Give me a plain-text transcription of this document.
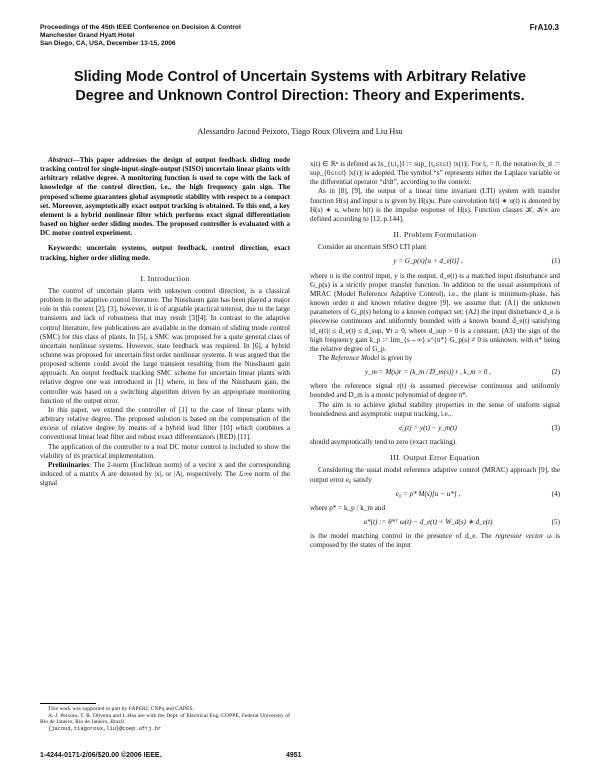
Proceedings of the 45th IEEE Conference on Decision & Control
Manchester Grand Hyatt Hotel
San Diego, CA, USA, December 13-15, 2006
FrA10.3
Sliding Mode Control of Uncertain Systems with Arbitrary Relative
Degree and Unknown Control Direction: Theory and Experiments.
Alessandro Jacoud Peixoto, Tiago Roux Oliveira and Liu Hsu

Abstract—This paper addresses the design of output feedback sliding mode tracking control for single-input-single-output (SISO) uncertain linear plants with arbitrary relative degree. A monitoring function is used to cope with the lack of knowledge of the control direction, i.e., the high frequency gain sign. The proposed scheme guarantees global asymptotic stability with respect to a compact set. Moreover, asymptotically exact output tracking is obtained. To this end, a key element is a hybrid nonlinear filter which performs exact signal differentiation based on higher order sliding modes. The proposed controller is evaluated with a DC motor control experiment.

Keywords: uncertain systems, output feedback, control direction, exact tracking, higher order sliding mode.

I. Introduction

The control of uncertain plants with unknown control direction, is a classical problem in the adaptive control literature. The Nussbaum gain has been played a major role in this context [2], [3], however, it is of arguable practical interest, due to the large transients and lack of robustness that may result [3][4]. In contrast to the adaptive control literature, few publications are available in the domain of sliding mode control (SMC) for this class of plants. In [5], a SMC was proposed for a quite general class of uncertain nonlinear systems. However, state feedback was required. In [6], a hybrid scheme was proposed for uncertain first order nonlinear systems. It was argued that the proposed scheme could avoid the large transient resulting from the Nussbaum gain approach. An output feedback tracking SMC scheme for uncertain linear plants with relative degree one was introduced in [1] where, in lieu of the Nussbaum gain, the controller was based on a switching algorithm driven by an appropriate monitoring function of the output error.

In this paper, we extend the controller of [1] to the case of linear plants with arbitrary relative degree. The proposed solution is based on the compensation of the excess of relative degree by means of a hybrid lead filter [10] which combines a conventional linear lead filter and robust exact differentiators (RED) [11].

The application of the controller to a real DC motor control is included to show the viability of its practical implementation.

Preliminaries: The 2-norm (Euclidean norm) of a vector x and the corresponding induced of a matrix A are denoted by |x|, or |A|, respectively. The ℒ∞e norm of the signal

This work was supported in part by FAPERJ, CNPq and CAPES.

A. J. Peixoto, T. R. Oliveira and L.Hsu are with the Dept. of Electrical Eng./COPPE, Federal University of Rio de Janeiro, Rio de Janeiro, Brazil.

{jacoud,tiagoroux,liu}@coep.ufrj.br

x(t) ∈ ℝⁿ is defined as ‖x_{t,t₀}‖ := sup_{t₀≤τ≤t} |x(τ)|. For t₀ = 0, the notation ‖x_t‖ := sup_{0≤τ≤t} |x(τ)| is adopted. The symbol “s” represents either the Laplace variable or the differential operator “d/dt”, according to the context.

As in [8], [9], the output of a linear time invariant (LTI) system with transfer function H(s) and input u is given by H(s)u. Pure convolution h(t) ∗ u(t) is denoted by H(s) ∗ u, where h(t) is the impulse response of H(s). Function classes 𝒦, 𝒦∞ are defined according to [12, p.144].

II. Problem Formulation

Consider an uncertain SISO LTI plant

y = G_p(s)[u + d_e(t)] ,	(1)

where u is the control input, y is the output, d_e(t) is a matched input disturbance and G_p(s) is a strictly proper transfer function. In addition to the usual assumptions of MRAC (Model Reference Adaptive Control), i.e., the plant is minimum-phase, has known order n and known relative degree [9], we assume that: (A1) the unknown parameters of G_p(s) belong to a known compact set; (A2) the input disturbance d_e is piecewise continuous and uniformly bounded with a known bound d̄_e(t) satisfying |d_e(t)| ≤ d̄_e(t) ≤ d_sup, ∀t ≥ 0, where d_sup > 0 is a constant; (A3) the sign of the high frequency gain k_p := lim_{s→∞} s^{n*} G_p(s) ≠ 0 is unknown, with n* being the relative degree of G_p.

The Reference Model is given by

y_m = M(s)r = (k_m / D_m(s)) r , k_m > 0 ,	(2)

where the reference signal r(t) is assumed piecewise continuous and uniformly bounded and D_m is a monic polynomial of degree n*.

The aim is to achieve global stability properties in the sense of uniform signal boundedness and asymptotic output tracking, i.e.,

e₀(t) = y(t) − y_m(t)	(3)

should asymptotically tend to zero (exact tracking).

III. Output Error Equation

Considering the usual model reference adaptive control (MRAC) approach [9], the output error e₀ satisfy

e₀ = ρ* M(s)[u − u*] ,	(4)

where ρ* = k_p / k_m and

u*(t) := θ*ᵀ ω(t) − d_e(t) + W_d(s) ∗ d_e(t)	(5)

is the model matching control in the presence of d_e. The regressor vector ω is composed by the states of the input

1-4244-0171-2/06/$20.00 ©2006 IEEE.	4951
